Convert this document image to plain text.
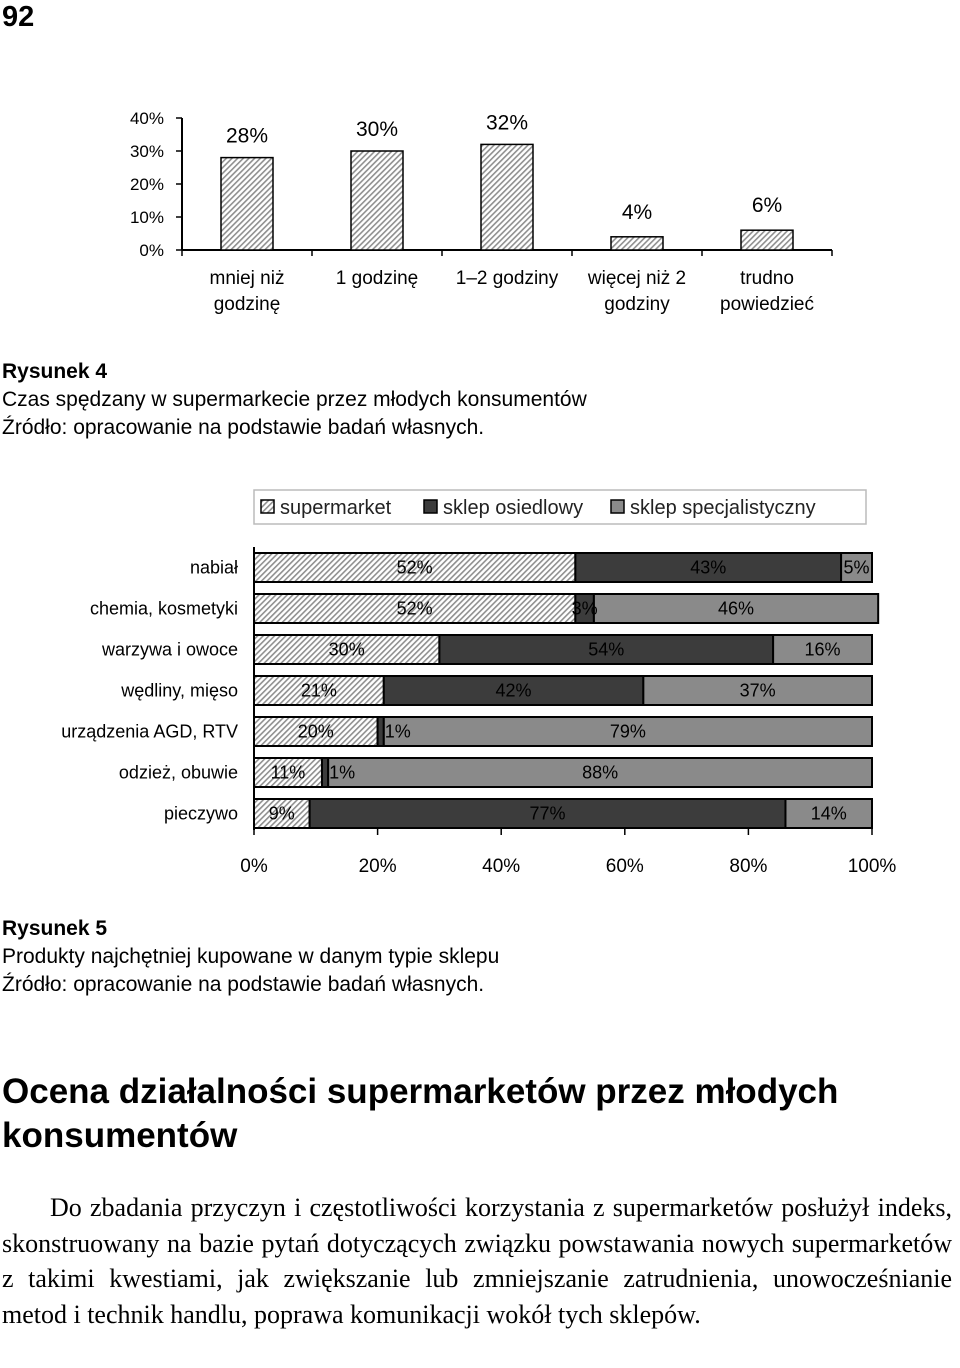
92
0%
10%
20%
30%
40%
28%
mniej niż
godzinę
30%
1 godzinę
32%
1–2 godziny
4%
więcej niż 2
godziny
6%
trudno
powiedzieć
Rysunek 4
Czas spędzany w supermarkecie przez młodych konsumentów
Źródło: opracowanie na podstawie badań własnych.
supermarket	sklep osiedlowy sklep specjalistyczny
nabiał	52%	43%	5%
chemia, kosmetyki	52%	3%	46%
warzywa i owoce	30%	54%	16%
wędliny, mięso	21%	42%	37%
urządzenia AGD, RTV	20%	1%	79%
odzież, obuwie 11% 1%	88%
pieczywo 9%	77%	14%
0%	20%	40%	60%	80%	100%
Rysunek 5
Produkty najchętniej kupowane w danym typie sklepu
Źródło: opracowanie na podstawie badań własnych.
Ocena działalności supermarketów przez młodych konsumentów

Do zbadania przyczyn i częstotliwości korzystania z supermarketów posłużył indeks, skonstruowany na bazie pytań dotyczących związku powstawania nowych supermarketów z takimi kwestiami, jak zwiększanie lub zmniejszanie zatrudnienia, unowocześnianie metod i technik handlu, poprawa komunikacji wokół tych sklepów.
